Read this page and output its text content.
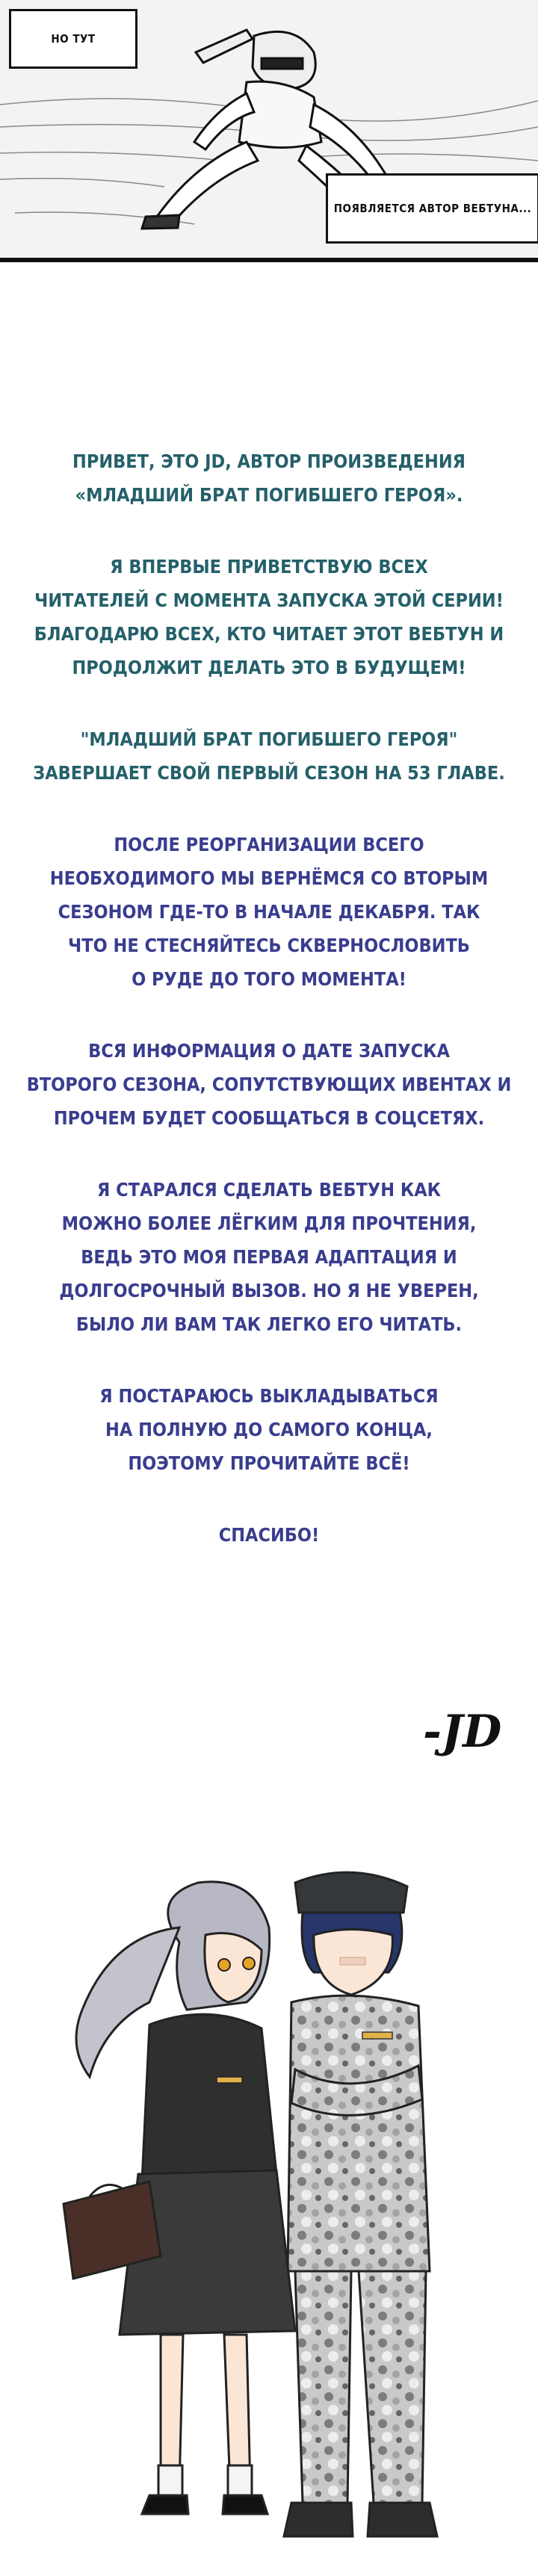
НО ТУТ
ПОЯВЛЯЕТСЯ АВТОР ВЕБТУНА...
ПРИВЕТ, ЭТО JD, АВТОР ПРОИЗВЕДЕНИЯ
«МЛАДШИЙ БРАТ ПОГИБШЕГО ГЕРОЯ».
Я ВПЕРВЫЕ ПРИВЕТСТВУЮ ВСЕХ
ЧИТАТЕЛЕЙ С МОМЕНТА ЗАПУСКА ЭТОЙ СЕРИИ!
БЛАГОДАРЮ ВСЕХ, КТО ЧИТАЕТ ЭТОТ ВЕБТУН И
ПРОДОЛЖИТ ДЕЛАТЬ ЭТО В БУДУЩЕМ!
"МЛАДШИЙ БРАТ ПОГИБШЕГО ГЕРОЯ"
ЗАВЕРШАЕТ СВОЙ ПЕРВЫЙ СЕЗОН НА 53 ГЛАВЕ.
ПОСЛЕ РЕОРГАНИЗАЦИИ ВСЕГО
НЕОБХОДИМОГО МЫ ВЕРНЁМСЯ СО ВТОРЫМ
СЕЗОНОМ ГДЕ-ТО В НАЧАЛЕ ДЕКАБРЯ. ТАК
ЧТО НЕ СТЕСНЯЙТЕСЬ СКВЕРНОСЛОВИТЬ
О РУДЕ ДО ТОГО МОМЕНТА!
ВСЯ ИНФОРМАЦИЯ О ДАТЕ ЗАПУСКА
ВТОРОГО СЕЗОНА, СОПУТСТВУЮЩИХ ИВЕНТАХ И
ПРОЧЕМ БУДЕТ СООБЩАТЬСЯ В СОЦСЕТЯХ.
Я СТАРАЛСЯ СДЕЛАТЬ ВЕБТУН КАК
МОЖНО БОЛЕЕ ЛЁГКИМ ДЛЯ ПРОЧТЕНИЯ,
ВЕДЬ ЭТО МОЯ ПЕРВАЯ АДАПТАЦИЯ И
ДОЛГОСРОЧНЫЙ ВЫЗОВ. НО Я НЕ УВЕРЕН,
БЫЛО ЛИ ВАМ ТАК ЛЕГКО ЕГО ЧИТАТЬ.
Я ПОСТАРАЮСЬ ВЫКЛАДЫВАТЬСЯ
НА ПОЛНУЮ ДО САМОГО КОНЦА,
ПОЭТОМУ ПРОЧИТАЙТЕ ВСЁ!
СПАСИБО!
-JD
